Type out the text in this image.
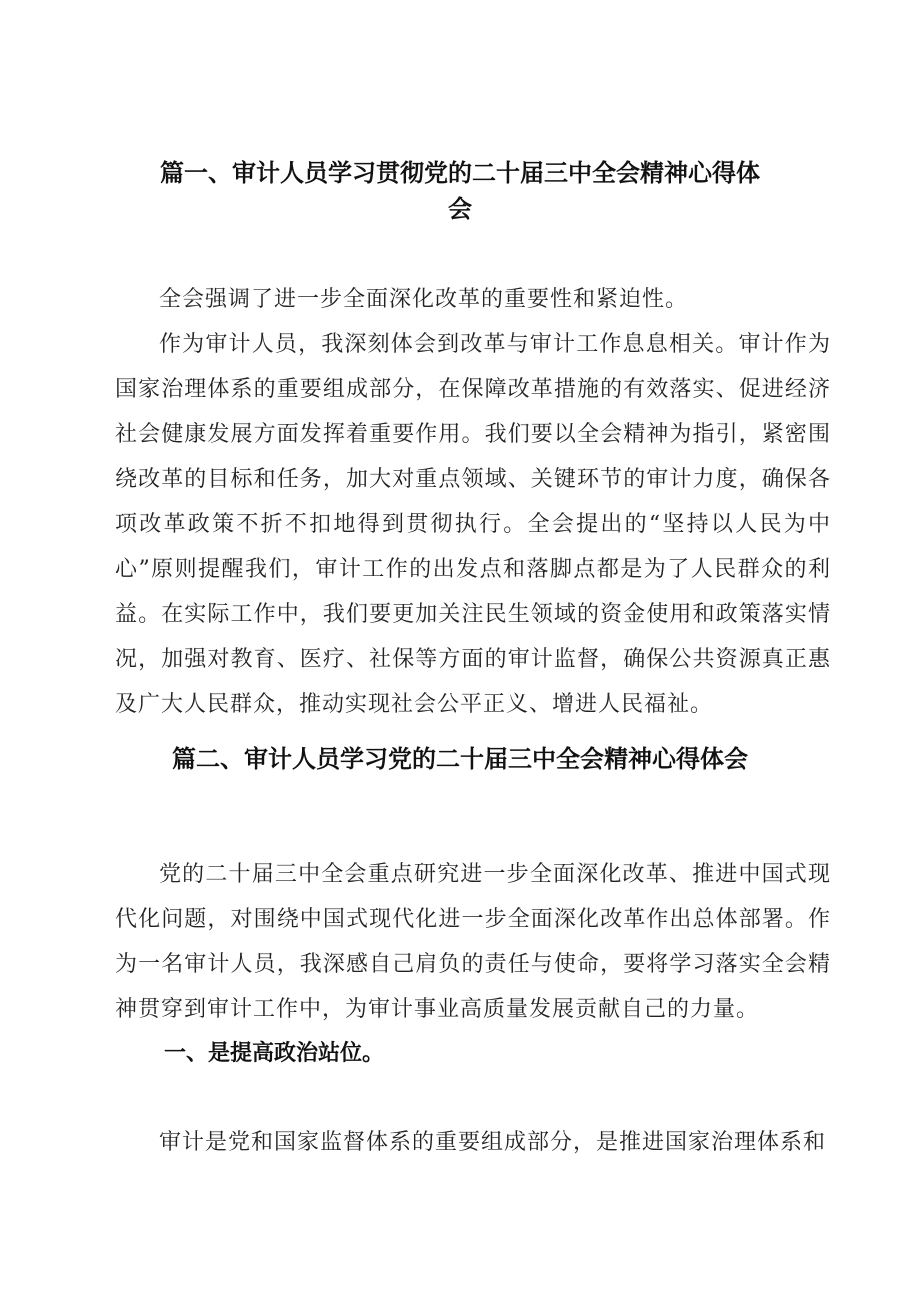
篇一、审计人员学习贯彻党的二十届三中全会精神心得体
会

全会强调了进一步全面深化改革的重要性和紧迫性。

作为审计人员，我深刻体会到改革与审计工作息息相关。审计作为国家治理体系的重要组成部分，在保障改革措施的有效落实、促进经济社会健康发展方面发挥着重要作用。我们要以全会精神为指引，紧密围绕改革的目标和任务，加大对重点领域、关键环节的审计力度，确保各项改革政策不折不扣地得到贯彻执行。全会提出的“坚持以人民为中心”原则提醒我们，审计工作的出发点和落脚点都是为了人民群众的利益。在实际工作中，我们要更加关注民生领域的资金使用和政策落实情况，加强对教育、医疗、社保等方面的审计监督，确保公共资源真正惠及广大人民群众，推动实现社会公平正义、增进人民福祉。

篇二、审计人员学习党的二十届三中全会精神心得体会

党的二十届三中全会重点研究进一步全面深化改革、推进中国式现代化问题，对围绕中国式现代化进一步全面深化改革作出总体部署。作为一名审计人员，我深感自己肩负的责任与使命，要将学习落实全会精神贯穿到审计工作中，为审计事业高质量发展贡献自己的力量。

一、是提高政治站位。

审计是党和国家监督体系的重要组成部分，是推进国家治理体系和
